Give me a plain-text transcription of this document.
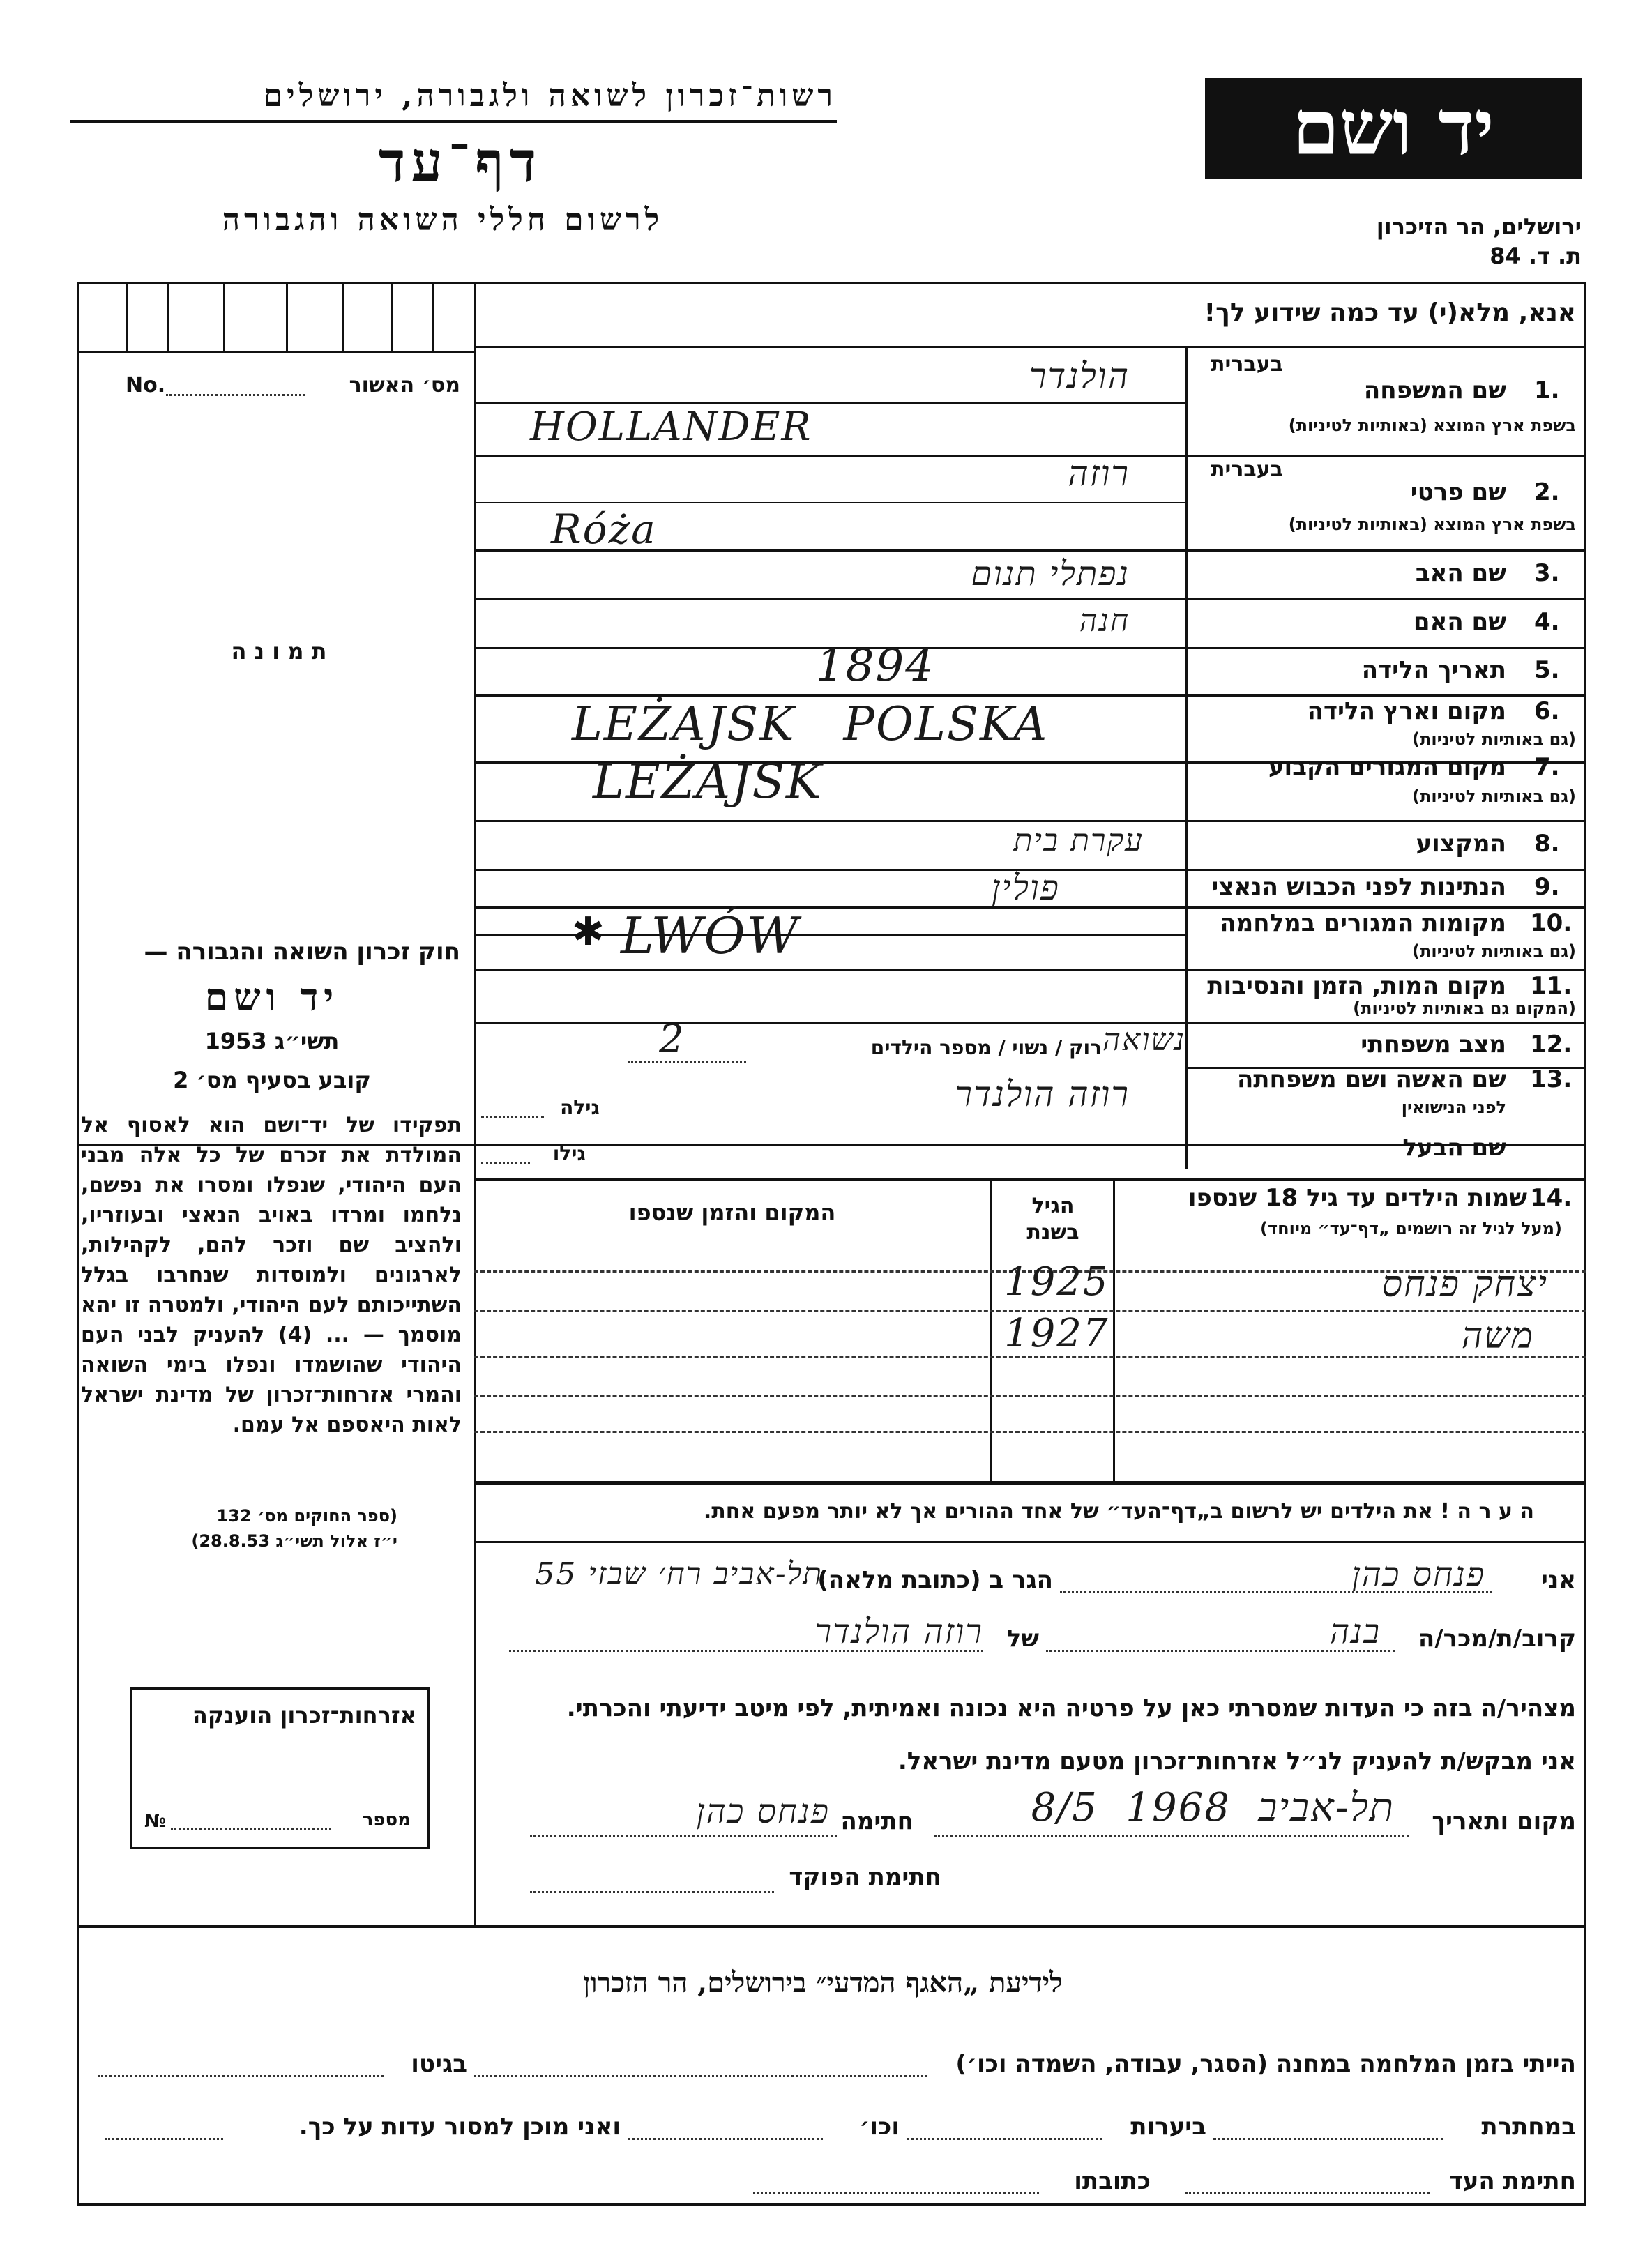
רשות־זכרון לשואה ולגבורה, ירושלים
דף־עד
לרשום חללי השואה והגבורה
יד ושם
ירושלים, הר הזיכרון
ת. ד. 84
אנא, מלא(י) עד כמה שידוע לך!
No.	מס׳ האשור
ת מ ו נ ה
בעברית
1.
שם המשפחה
בשפת ארץ המוצא (באותיות לטיניות)
הולנדר
HOLLANDER
בעברית
2.
שם פרטי
בשפת ארץ המוצא (באותיות לטיניות)
רוזה
Róża
3.
שם האב
נפתלי תנום
4.
שם האם
חנה
5.
תאריך הלידה
1894
6.
מקום וארץ הלידה
(גם באותיות לטיניות)
LEŻAJSK   POLSKA
7.
מקום המגורים הקבוע
(גם באותיות לטיניות)
LEŻAJSK
8.
המקצוע
עקרת בית
9.
הנתינות לפני הכבוש הנאצי
פולין
10.
מקומות המגורים במלחמה
(גם באותיות לטיניות)
✱ LWÓW
11.
מקום המות, הזמן והנסיבות
(המקום גם באותיות לטיניות)
12.
מצב משפחתי
רוק / נשוי / מספר הילדים נשואה
2
13.
שם האשה ושם משפחתה
לפני הנישואין
רוזה הולנדר
גילה
שם הבעל
גילו
14.
שמות הילדים עד גיל 18 שנספו
(מעל לגיל זה רושמים „דף־עד״ מיוחד)
הגיל
בשנת
המקום והזמן שנספו
יצחק פנחס
1925
משה
1927
ה ע ר ה ! את הילדים יש לרשום ב„דף־העד״ של אחד ההורים אך לא יותר מפעם אחת.
אני
פנחס כהן
הגר ב (כתובת מלאה)
תל-אביב רח׳ שבזי 55
קרוב/ת/מכר/ה
בנה
של
רוזה הולנדר
מצהיר/ה בזה כי העדות שמסרתי כאן על פרטיה היא נכונה ואמיתית, לפי מיטב ידיעתי והכרתי.
אני מבקש/ת להעניק לנ״ל אזרחות־זכרון מטעם מדינת ישראל.
מקום ותאריך
תל-אביב  1968  8/5
חתימה
פנחס כהן
חתימת הפוקד
אזרחות־זכרון הוענקה
№	מספר
חוק זכרון השואה והגבורה —
יד ושם
תשי״ג 1953
קובע בסעיף מס׳ 2
תפקידו של יד־ושם הוא לאסוף אל המולדת את זכרם של כל אלה מבני העם היהודי, שנפלו ומסרו את נפשם, נלחמו ומרדו באויב הנאצי ובעוזריו, ולהציב שם וזכר להם, לקהילות, לארגונים ולמוסדות שנחרבו בגלל השתייכותם לעם היהודי, ולמטרה זו יהא מוסמך — ... (4) להעניק לבני העם היהודי שהושמדו ונפלו בימי השואה והמרי אזרחות־זכרון של מדינת ישראל לאות היאספם אל עמם.
(ספר החוקים מס׳ 132
י״ז אלול תשי״ג 28.8.53)
לידיעת „האגף המדעי״ בירושלים, הר הזכרון
הייתי בזמן המלחמה במחנה (הסגר, עבודה, השמדה וכו׳)
בגיטו
במחתרת
ביערות
וכו׳
ואני מוכן למסור עדות על כך.
חתימת העד
כתובתו
